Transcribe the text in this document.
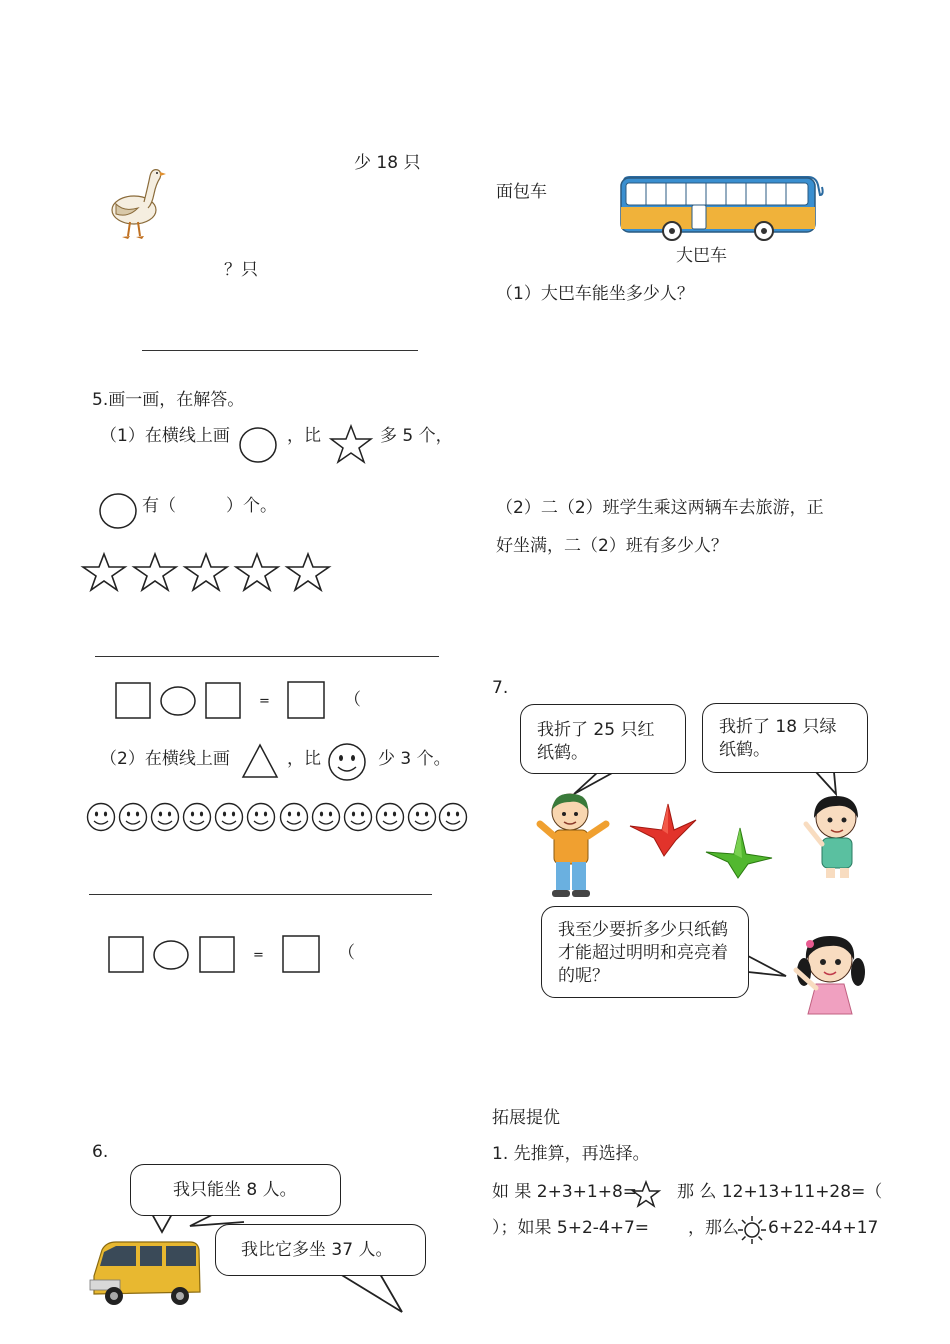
少 18 只
？只
5.画一画，在解答。
（1）在横线上画	，比	多 5 个，
有（	）个。
=	（
（2）在横线上画	，比	少 3 个。
=	（
6.
我只能坐 8 人。
我比它多坐 37 人。
面包车
大巴车
（1）大巴车能坐多少人？
（2）二（2）班学生乘这两辆车去旅游，正
好坐满，二（2）班有多少人？
7.
我折了 25 只红纸鹤。
我折了 18 只绿纸鹤。
我至少要折多少只纸鹤才能超过明明和亮亮着的呢？
拓展提优
1. 先推算，再选择。
如 果 2+3+1+8= 那 么 12+13+11+28=（
）；如果 5+2-4+7= ，那么 6+22-44+17
